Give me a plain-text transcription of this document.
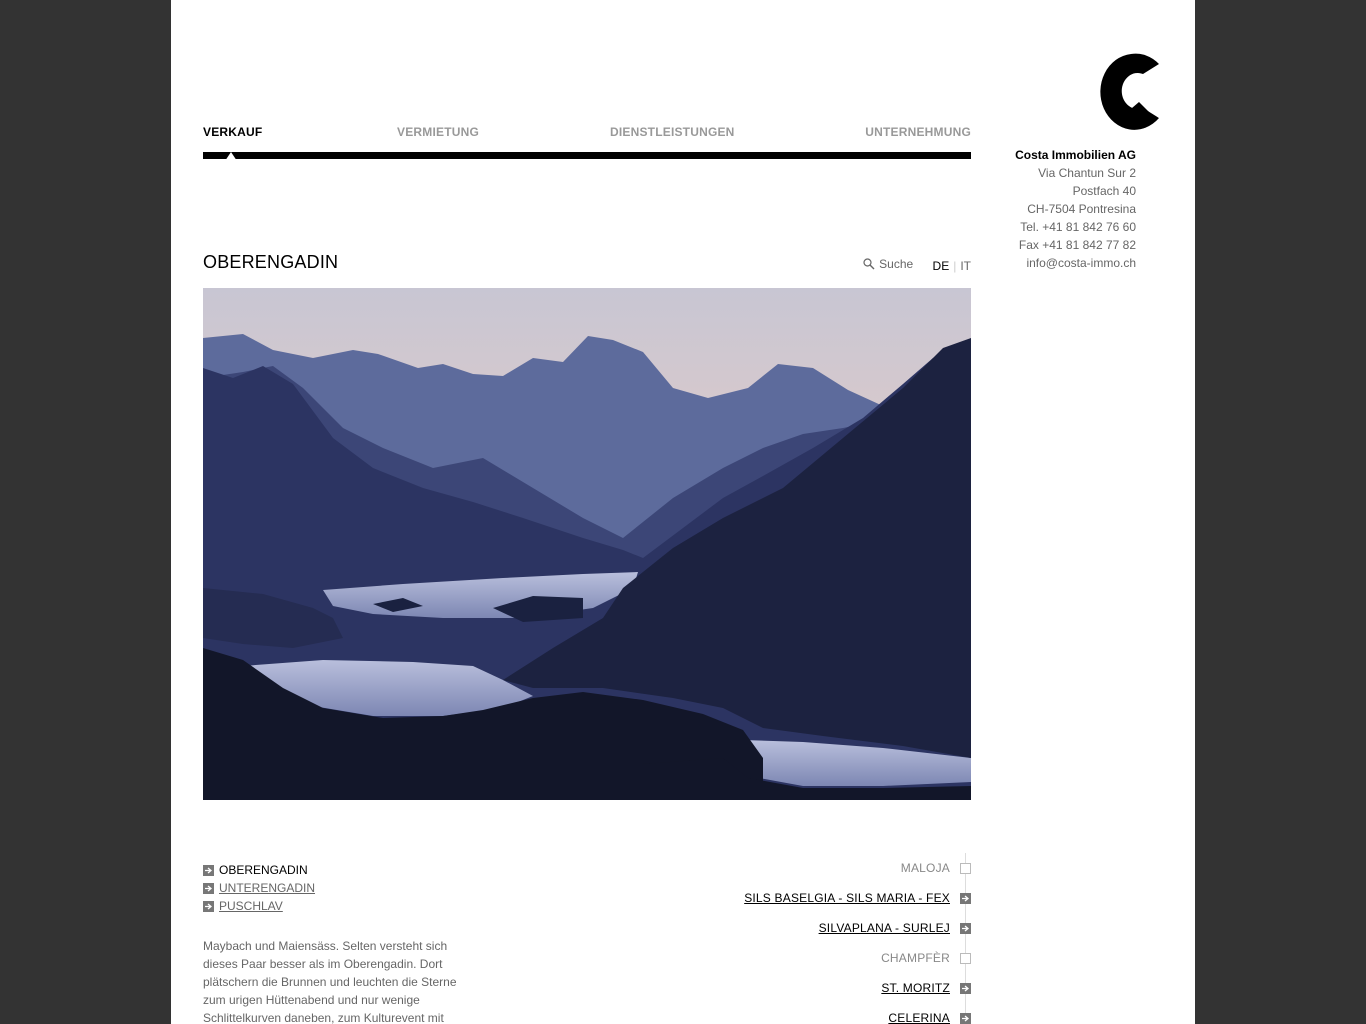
Costa Immobilien AG
Via Chantun Sur 2
Postfach 40
CH-7504 Pontresina
Tel. +41 81 842 76 60
Fax +41 81 842 77 82
info@costa-immo.ch
VERKAUF	VERMIETUNG	DIENSTLEISTUNGEN	UNTERNEHMUNG
OBERENGADIN	Suche DE | IT
OBERENGADIN
UNTERENGADIN
PUSCHLAV

Maybach und Maiensäss. Selten versteht sich dieses Paar besser als im Oberengadin. Dort plätschern die Brunnen und leuchten die Sterne zum urigen Hüttenabend und nur wenige Schlittelkurven daneben, zum Kulturevent mit

MALOJA
SILS BASELGIA - SILS MARIA - FEX
SILVAPLANA - SURLEJ
CHAMPFÈR
ST. MORITZ
CELERINA
